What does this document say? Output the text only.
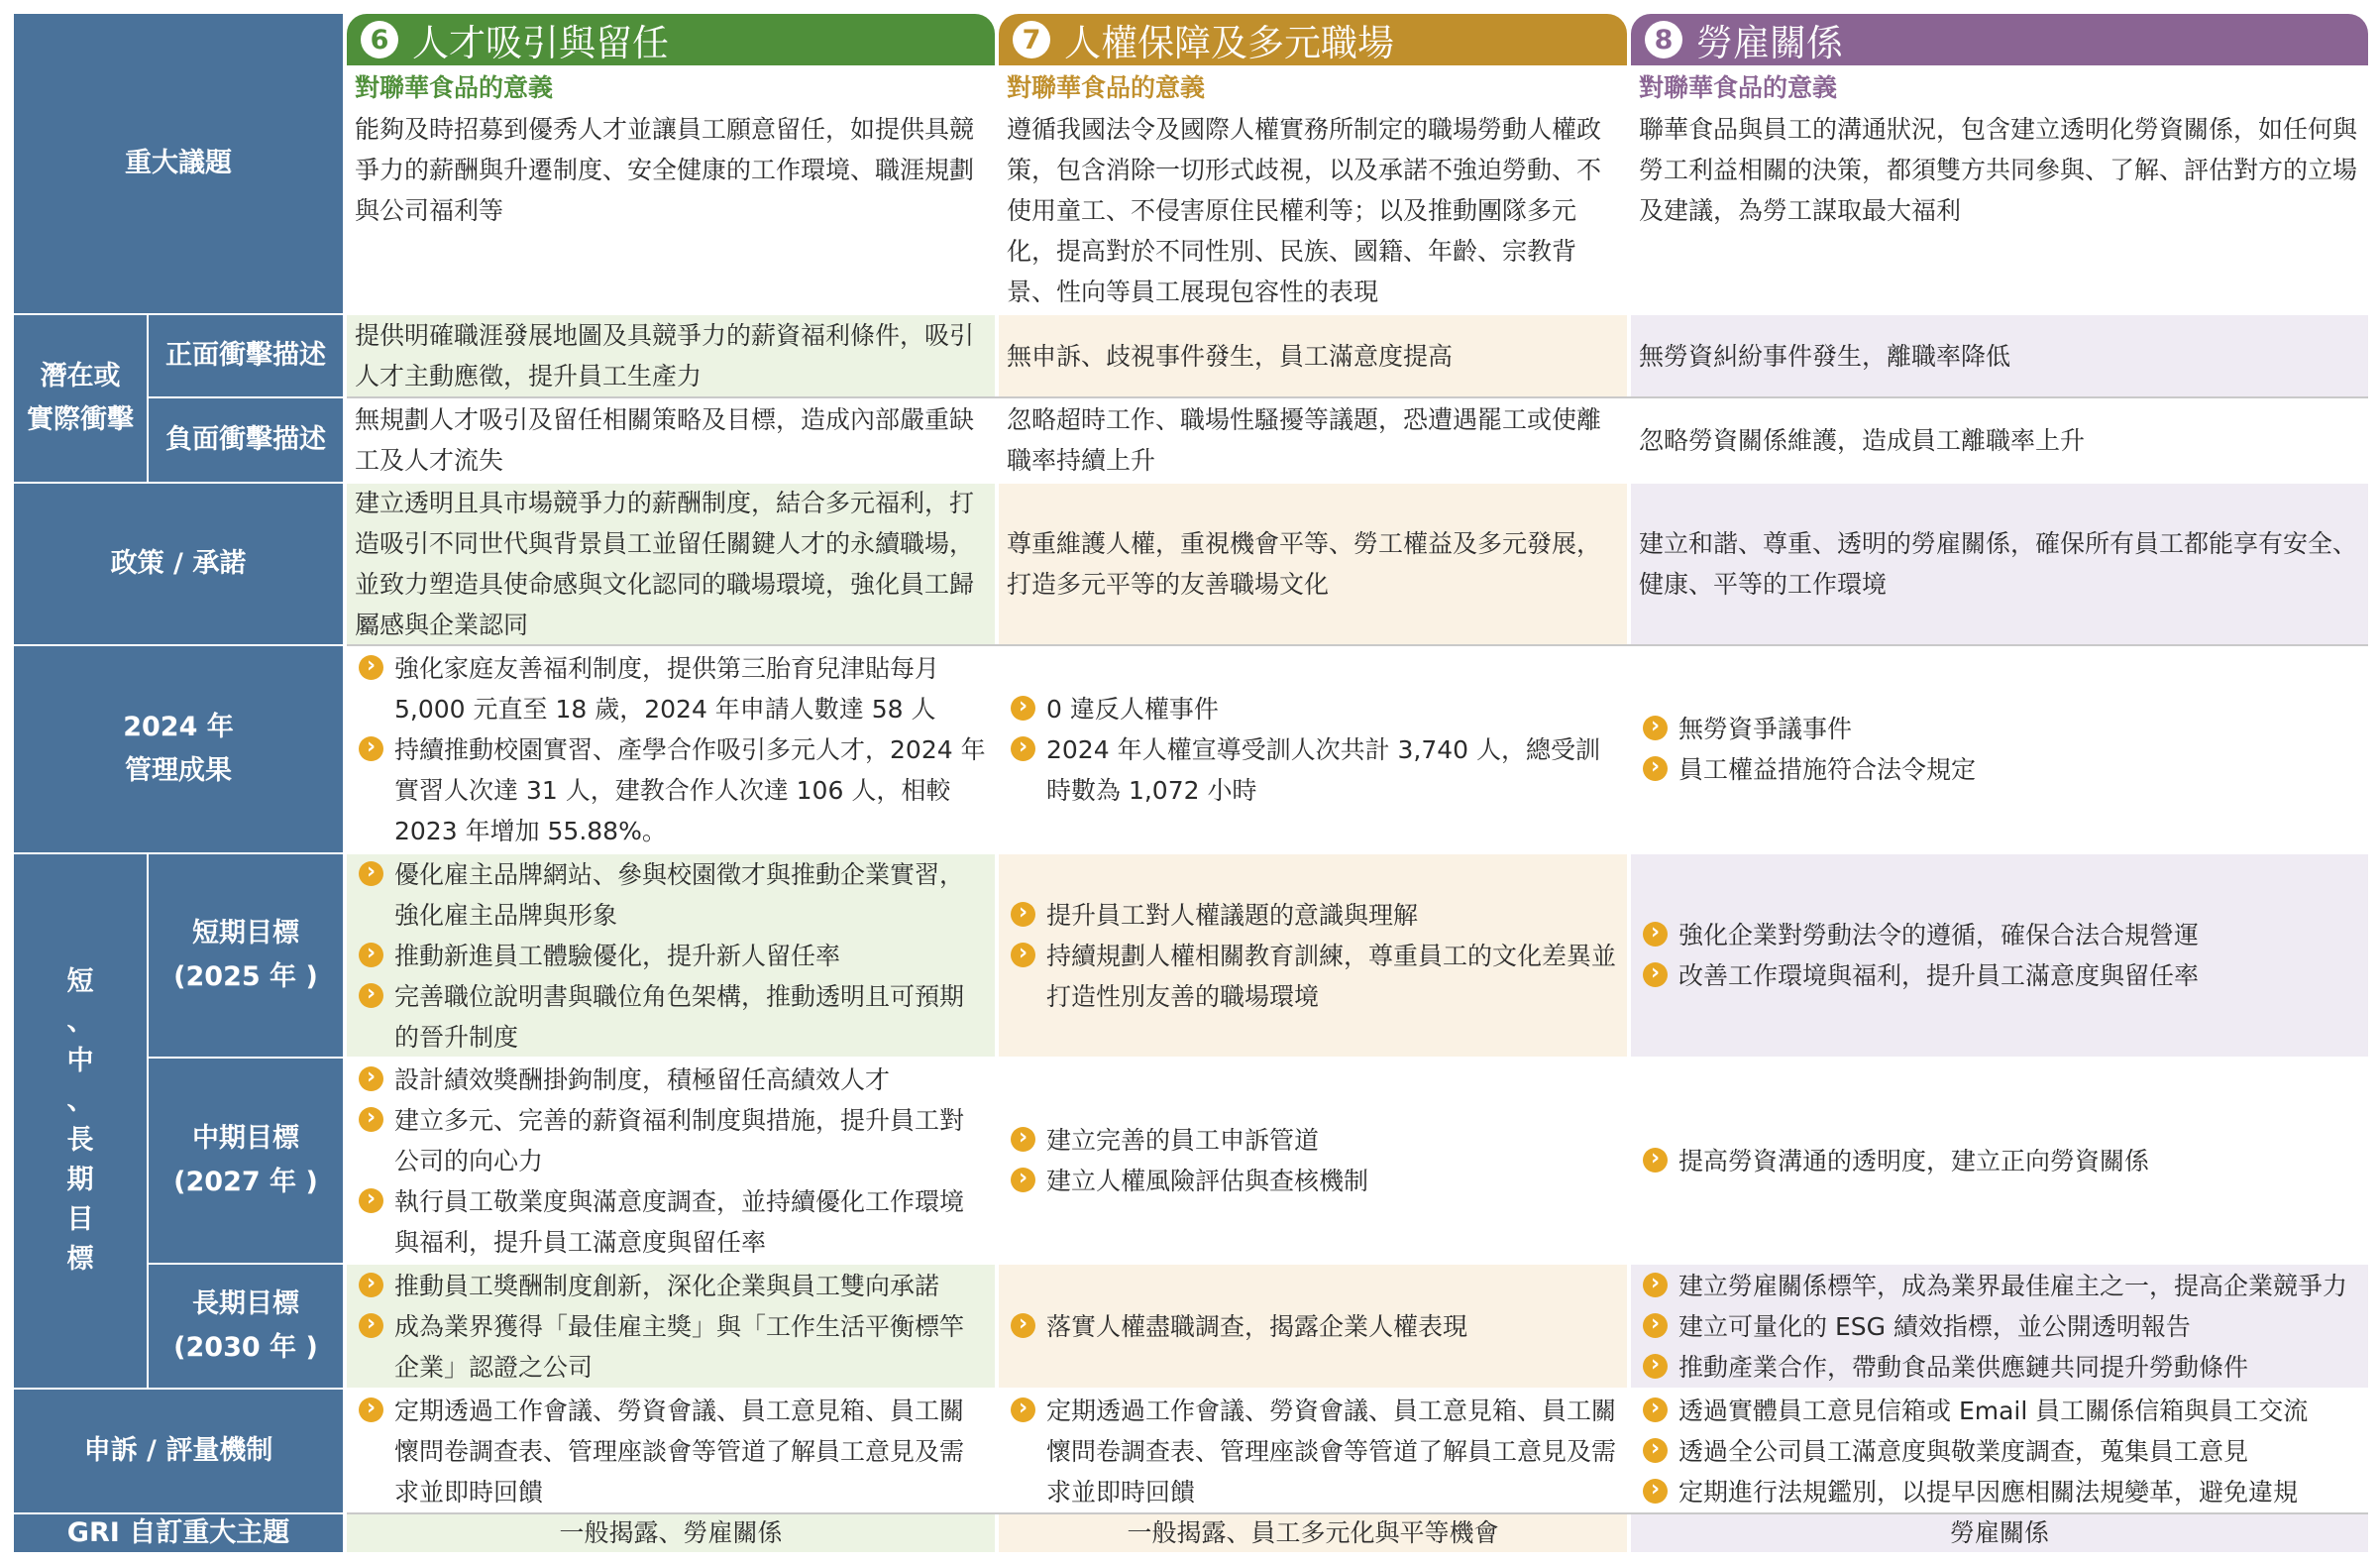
重大議題
潛在或
實際衝擊
正面衝擊描述
負面衝擊描述
政策 / 承諾
2024 年
管理成果
短
、
中
、
長
期
目
標
短期目標
(2025 年 )
中期目標
(2027 年 )
長期目標
(2030 年 )
申訴 / 評量機制
GRI 自訂重大主題
6 人才吸引與留任	7 人權保障及多元職場	8 勞雇關係
對聯華食品的意義
能夠及時招募到優秀人才並讓員工願意留任，如提供具競爭力的薪酬與升遷制度、安全健康的工作環境、職涯規劃與公司福利等
提供明確職涯發展地圖及具競爭力的薪資福利條件，吸引人才主動應徵，提升員工生產力
無規劃人才吸引及留任相關策略及目標，造成內部嚴重缺工及人才流失
建立透明且具市場競爭力的薪酬制度，結合多元福利，打造吸引不同世代與背景員工並留任關鍵人才的永續職場，並致力塑造具使命感與文化認同的職場環境，強化員工歸屬感與企業認同
› 強化家庭友善福利制度，提供第三胎育兒津貼每月 5,000 元直至 18 歲，2024 年申請人數達 58 人
› 持續推動校園實習、產學合作吸引多元人才，2024 年實習人次達 31 人，建教合作人次達 106 人，相較 2023 年增加 55.88%。
› 優化雇主品牌網站、參與校園徵才與推動企業實習，強化雇主品牌與形象
› 推動新進員工體驗優化，提升新人留任率
› 完善職位說明書與職位角色架構，推動透明且可預期的晉升制度
› 設計績效獎酬掛鉤制度，積極留任高績效人才
› 建立多元、完善的薪資福利制度與措施，提升員工對公司的向心力
› 執行員工敬業度與滿意度調查，並持續優化工作環境與福利，提升員工滿意度與留任率
› 推動員工獎酬制度創新，深化企業與員工雙向承諾
› 成為業界獲得「最佳雇主獎」與「工作生活平衡標竿企業」認證之公司
› 定期透過工作會議、勞資會議、員工意見箱、員工關懷問卷調查表、管理座談會等管道了解員工意見及需求並即時回饋
一般揭露、勞雇關係
對聯華食品的意義
遵循我國法令及國際人權實務所制定的職場勞動人權政策，包含消除一切形式歧視，以及承諾不強迫勞動、不使用童工、不侵害原住民權利等；以及推動團隊多元化，提高對於不同性別、民族、國籍、年齡、宗教背景、性向等員工展現包容性的表現
無申訴、歧視事件發生，員工滿意度提高
忽略超時工作、職場性騷擾等議題，恐遭遇罷工或使離職率持續上升
尊重維護人權，重視機會平等、勞工權益及多元發展，打造多元平等的友善職場文化
› 0 違反人權事件
› 2024 年人權宣導受訓人次共計 3,740 人，總受訓時數為 1,072 小時
› 提升員工對人權議題的意識與理解
› 持續規劃人權相關教育訓練，尊重員工的文化差異並打造性別友善的職場環境
› 建立完善的員工申訴管道
› 建立人權風險評估與查核機制
› 落實人權盡職調查，揭露企業人權表現
› 定期透過工作會議、勞資會議、員工意見箱、員工關懷問卷調查表、管理座談會等管道了解員工意見及需求並即時回饋
一般揭露、員工多元化與平等機會
對聯華食品的意義
聯華食品與員工的溝通狀況，包含建立透明化勞資關係，如任何與勞工利益相關的決策，都須雙方共同參與、了解、評估對方的立場及建議，為勞工謀取最大福利
無勞資糾紛事件發生，離職率降低
忽略勞資關係維護，造成員工離職率上升
建立和諧、尊重、透明的勞雇關係，確保所有員工都能享有安全、健康、平等的工作環境
› 無勞資爭議事件
› 員工權益措施符合法令規定
› 強化企業對勞動法令的遵循，確保合法合規營運
› 改善工作環境與福利，提升員工滿意度與留任率
› 提高勞資溝通的透明度，建立正向勞資關係
› 建立勞雇關係標竿，成為業界最佳雇主之一，提高企業競爭力
› 建立可量化的 ESG 績效指標，並公開透明報告
› 推動產業合作，帶動食品業供應鏈共同提升勞動條件
› 透過實體員工意見信箱或 Email 員工關係信箱與員工交流
› 透過全公司員工滿意度與敬業度調查，蒐集員工意見
› 定期進行法規鑑別，以提早因應相關法規變革，避免違規
勞雇關係
